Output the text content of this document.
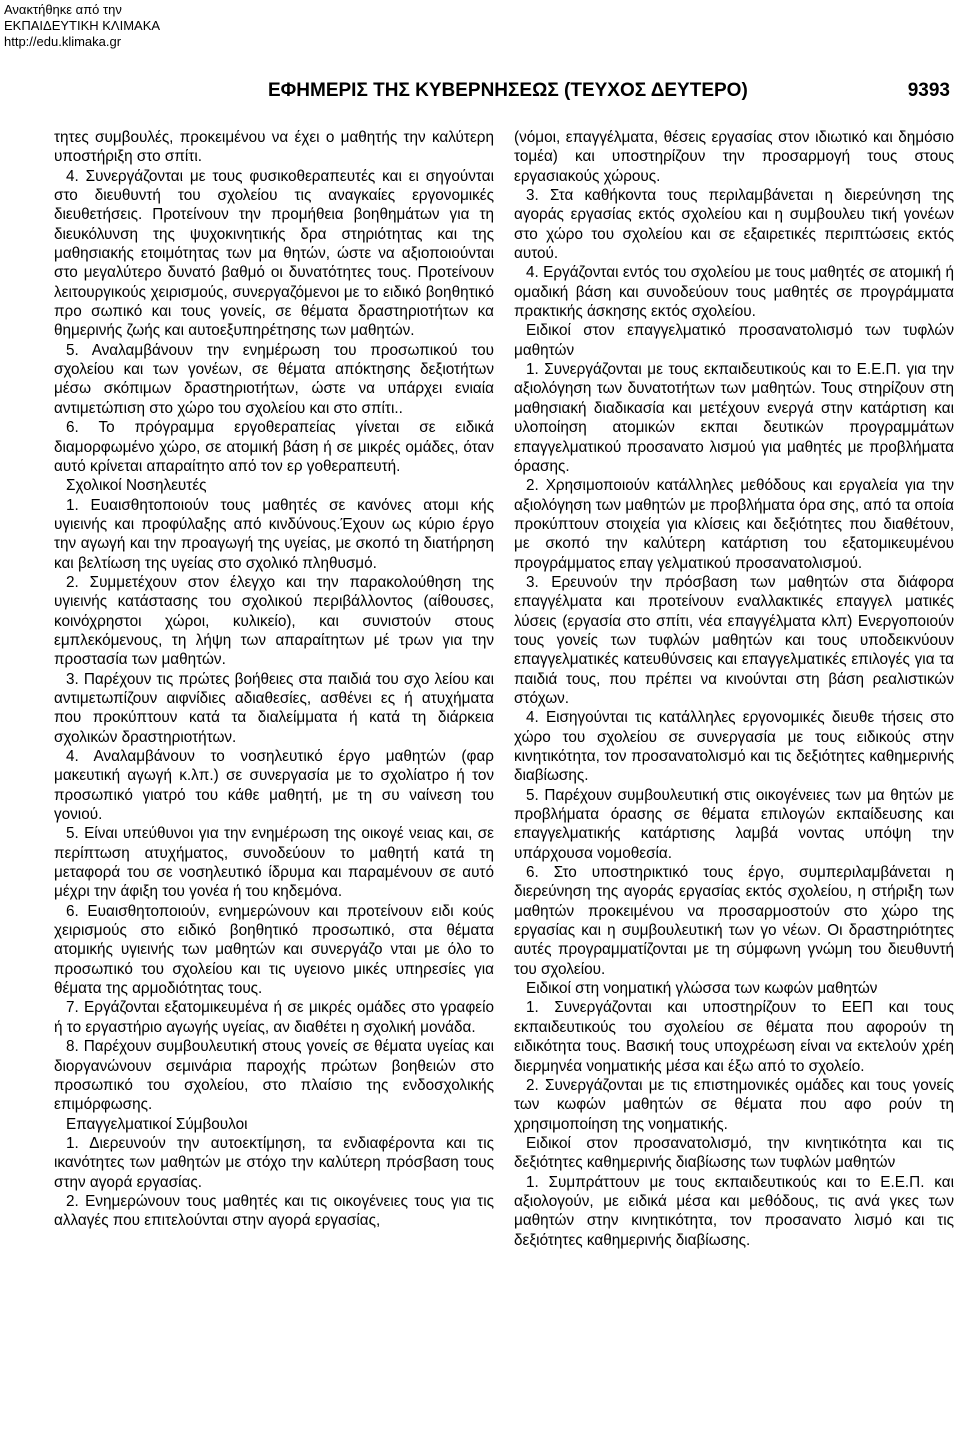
Ανακτήθηκε από την
ΕΚΠΑΙΔΕΥΤΙΚΗ ΚΛΙΜΑΚΑ
http://edu.klimaka.gr
ΕΦΗΜΕΡΙΣ ΤΗΣ ΚΥΒΕΡΝΗΣΕΩΣ (ΤΕΥΧΟΣ ΔΕΥΤΕΡΟ)	9393

τητες συμβουλές, προκειμένου να έχει ο μαθητής την καλύτερη υποστήριξη στο σπίτι.

4. Συνεργάζονται με τους φυσικοθεραπευτές και ει σηγούνται στο διευθυντή του σχολείου τις αναγκαίες εργονομικές διευθετήσεις. Προτείνουν την προμήθεια βοηθημάτων για τη διευκόλυνση της ψυχοκινητικής δρα στηριότητας και της μαθησιακής ετοιμότητας των μα θητών, ώστε να αξιοποιούνται στο μεγαλύτερο δυνατό βαθμό οι δυνατότητες τους. Προτείνουν λειτουργικούς χειρισμούς, συνεργαζόμενοι με το ειδικό βοηθητικό προ σωπικό και τους γονείς, σε θέματα δραστηριοτήτων κα θημερινής ζωής και αυτοεξυπηρέτησης των μαθητών.

5. Αναλαμβάνουν την ενημέρωση του προσωπικού του σχολείου και των γονέων, σε θέματα απόκτησης δεξιοτήτων μέσω σκόπιμων δραστηριοτήτων, ώστε να υπάρχει ενιαία αντιμετώπιση στο χώρο του σχολείου και στο σπίτι..

6. Το πρόγραμμα εργοθεραπείας γίνεται σε ειδικά διαμορφωμένο χώρο, σε ατομική βάση ή σε μικρές ομάδες, όταν αυτό κρίνεται απαραίτητο από τον ερ γοθεραπευτή.

Σχολικοί Νοσηλευτές

1. Ευαισθητοποιούν τους μαθητές σε κανόνες ατομι κής υγιεινής και προφύλαξης από κινδύνους.Έχουν ως κύριο έργο την αγωγή και την προαγωγή της υγείας, με σκοπό τη διατήρηση και βελτίωση της υγείας στο σχολικό πληθυσμό.

2. Συμμετέχουν στον έλεγχο και την παρακολούθηση της υγιεινής κατάστασης του σχολικού περιβάλλοντος (αίθουσες, κοινόχρηστοι χώροι, κυλικείο), και συνιστούν στους εμπλεκόμενους, τη λήψη των απαραίτητων μέ τρων για την προστασία των μαθητών.

3. Παρέχουν τις πρώτες βοήθειες στα παιδιά του σχο λείου και αντιμετωπίζουν αιφνίδιες αδιαθεσίες, ασθένει ες ή ατυχήματα που προκύπτουν κατά τα διαλείμματα ή κατά τη διάρκεια σχολικών δραστηριοτήτων.

4. Αναλαμβάνουν το νοσηλευτικό έργο μαθητών (φαρ μακευτική αγωγή κ.λπ.) σε συνεργασία με το σχολίατρο ή τον προσωπικό γιατρό του κάθε μαθητή, με τη συ ναίνεση του γονιού.

5. Είναι υπεύθυνοι για την ενημέρωση της οικογέ νειας και, σε περίπτωση ατυχήματος, συνοδεύουν το μαθητή κατά τη μεταφορά του σε νοσηλευτικό ίδρυμα και παραμένουν σε αυτό μέχρι την άφιξη του γονέα ή του κηδεμόνα.

6. Ευαισθητοποιούν, ενημερώνουν και προτείνουν ειδι κούς χειρισμούς στο ειδικό βοηθητικό προσωπικό, στα θέματα ατομικής υγιεινής των μαθητών και συνεργάζο νται με όλο το προσωπικό του σχολείου και τις υγειονο μικές υπηρεσίες για θέματα της αρμοδιότητας τους.

7. Εργάζονται εξατομικευμένα ή σε μικρές ομάδες στο γραφείο ή το εργαστήριο αγωγής υγείας, αν διαθέτει η σχολική μονάδα.

8. Παρέχουν συμβουλευτική στους γονείς σε θέματα υγείας και διοργανώνουν σεμινάρια παροχής πρώτων βοηθειών στο προσωπικό του σχολείου, στο πλαίσιο της ενδοσχολικής επιμόρφωσης.

Επαγγελματικοί Σύμβουλοι

1. Διερευνούν την αυτοεκτίμηση, τα ενδιαφέροντα και τις ικανότητες των μαθητών με στόχο την καλύτερη πρόσβαση τους στην αγορά εργασίας.

2. Ενημερώνουν τους μαθητές και τις οικογένειες τους για τις αλλαγές που επιτελούνται στην αγορά εργασίας,

(νόμοι, επαγγέλματα, θέσεις εργασίας στον ιδιωτικό και δημόσιο τομέα) και υποστηρίζουν την προσαρμογή τους στους εργασιακούς χώρους.

3. Στα καθήκοντα τους περιλαμβάνεται η διερεύνηση της αγοράς εργασίας εκτός σχολείου και η συμβουλευ τική γονέων στο χώρο του σχολείου και σε εξαιρετικές περιπτώσεις εκτός αυτού.

4. Εργάζονται εντός του σχολείου με τους μαθητές σε ατομική ή ομαδική βάση και συνοδεύουν τους μαθητές σε προγράμματα πρακτικής άσκησης εκτός σχολείου.

Ειδικοί στον επαγγελματικό προσανατολισμό των τυφλών μαθητών

1. Συνεργάζονται με τους εκπαιδευτικούς και το Ε.Ε.Π. για την αξιολόγηση των δυνατοτήτων των μαθητών. Τους στηρίζουν στη μαθησιακή διαδικασία και μετέχουν ενεργά στην κατάρτιση και υλοποίηση ατομικών εκπαι δευτικών προγραμμάτων επαγγελματικού προσανατο λισμού για μαθητές με προβλήματα όρασης.

2. Χρησιμοποιούν κατάλληλες μεθόδους και εργαλεία για την αξιολόγηση των μαθητών με προβλήματα όρα σης, από τα οποία προκύπτουν στοιχεία για κλίσεις και δεξιότητες που διαθέτουν, με σκοπό την καλύτερη κατάρτιση του εξατομικευμένου προγράμματος επαγ γελματικού προσανατολισμού.

3. Ερευνούν την πρόσβαση των μαθητών στα διάφορα επαγγέλματα και προτείνουν εναλλακτικές επαγγελ ματικές λύσεις (εργασία στο σπίτι, νέα επαγγέλματα κλπ) Ενεργοποιούν τους γονείς των τυφλών μαθητών και τους υποδεικνύουν επαγγελματικές κατευθύνσεις και επαγγελματικές επιλογές για τα παιδιά τους, που πρέπει να κινούνται στη βάση ρεαλιστικών στόχων.

4. Εισηγούνται τις κατάλληλες εργονομικές διευθε τήσεις στο χώρο του σχολείου σε συνεργασία με τους ειδικούς στην κινητικότητα, τον προσανατολισμό και τις δεξιότητες καθημερινής διαβίωσης.

5. Παρέχουν συμβουλευτική στις οικογένειες των μα θητών με προβλήματα όρασης σε θέματα επιλογών εκπαίδευσης και επαγγελματικής κατάρτισης λαμβά νοντας υπόψη την υπάρχουσα νομοθεσία.

6. Στο υποστηρικτικό τους έργο, συμπεριλαμβάνεται η διερεύνηση της αγοράς εργασίας εκτός σχολείου, η στήριξη των μαθητών προκειμένου να προσαρμοστούν στο χώρο της εργασίας και η συμβουλευτική των γο νέων. Οι δραστηριότητες αυτές προγραμματίζονται με τη σύμφωνη γνώμη του διευθυντή του σχολείου.

Ειδικοί στη νοηματική γλώσσα των κωφών μαθητών

1. Συνεργάζονται και υποστηρίζουν το ΕΕΠ και τους εκπαιδευτικούς του σχολείου σε θέματα που αφορούν τη ειδικότητα τους. Βασική τους υποχρέωση είναι να εκτελούν χρέη διερμηνέα νοηματικής μέσα και έξω από το σχολείο.

2. Συνεργάζονται με τις επιστημονικές ομάδες και τους γονείς των κωφών μαθητών σε θέματα που αφο ρούν τη χρησιμοποίηση της νοηματικής.

Ειδικοί στον προσανατολισμό, την κινητικότητα και τις δεξιότητες καθημερινής διαβίωσης των τυφλών μαθητών

1. Συμπράττουν με τους εκπαιδευτικούς και το Ε.Ε.Π. και αξιολογούν, με ειδικά μέσα και μεθόδους, τις ανά γκες των μαθητών στην κινητικότητα, τον προσανατο λισμό και τις δεξιότητες καθημερινής διαβίωσης.
